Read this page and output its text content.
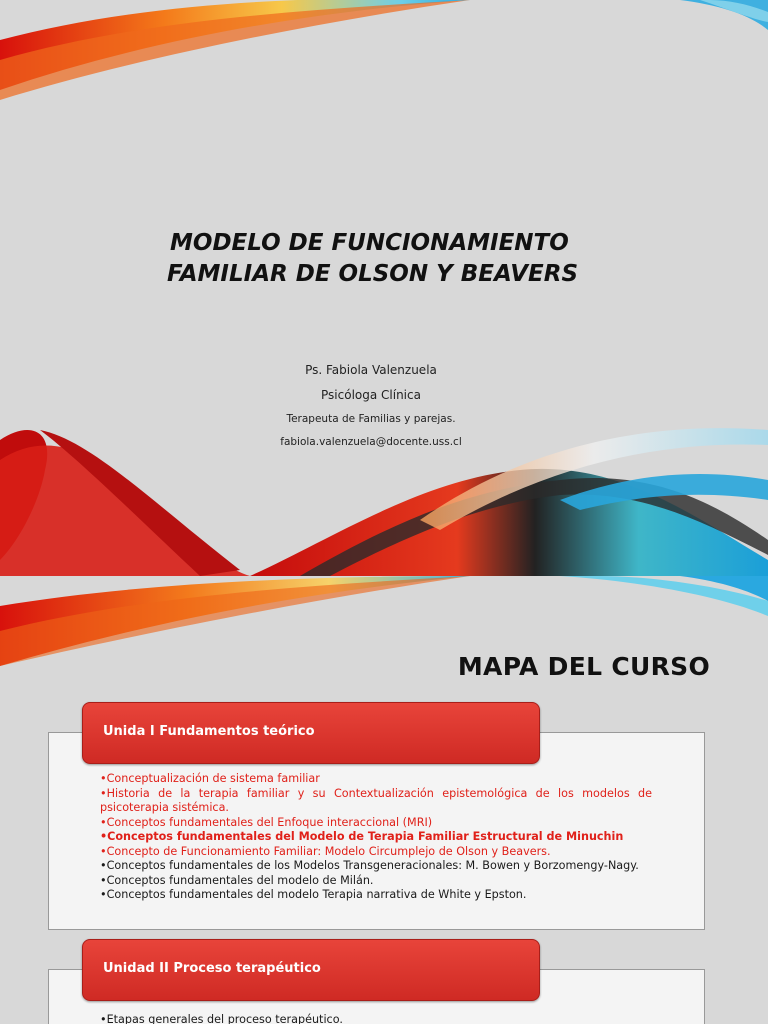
MODELO DE FUNCIONAMIENTO
FAMILIAR DE OLSON Y BEAVERS
Ps. Fabiola Valenzuela
Psicóloga Clínica
Terapeuta de Familias y parejas.
fabiola.valenzuela@docente.uss.cl
MAPA DEL CURSO
Unida I Fundamentos teórico
•Conceptualización de sistema familiar
•Historia de la terapia familiar y su Contextualización epistemológica de los modelos de psicoterapia sistémica.
•Conceptos fundamentales del Enfoque interaccional (MRI)
•Conceptos fundamentales del Modelo de Terapia Familiar Estructural de Minuchin
•Concepto de Funcionamiento Familiar: Modelo Circumplejo de Olson y Beavers.
•Conceptos fundamentales de los Modelos Transgeneracionales: M. Bowen y Borzomengy-Nagy.
•Conceptos fundamentales del modelo de Milán.
•Conceptos fundamentales del modelo Terapia narrativa de White y Epston.
Unidad II Proceso terapéutico
•Etapas generales del proceso terapéutico.
